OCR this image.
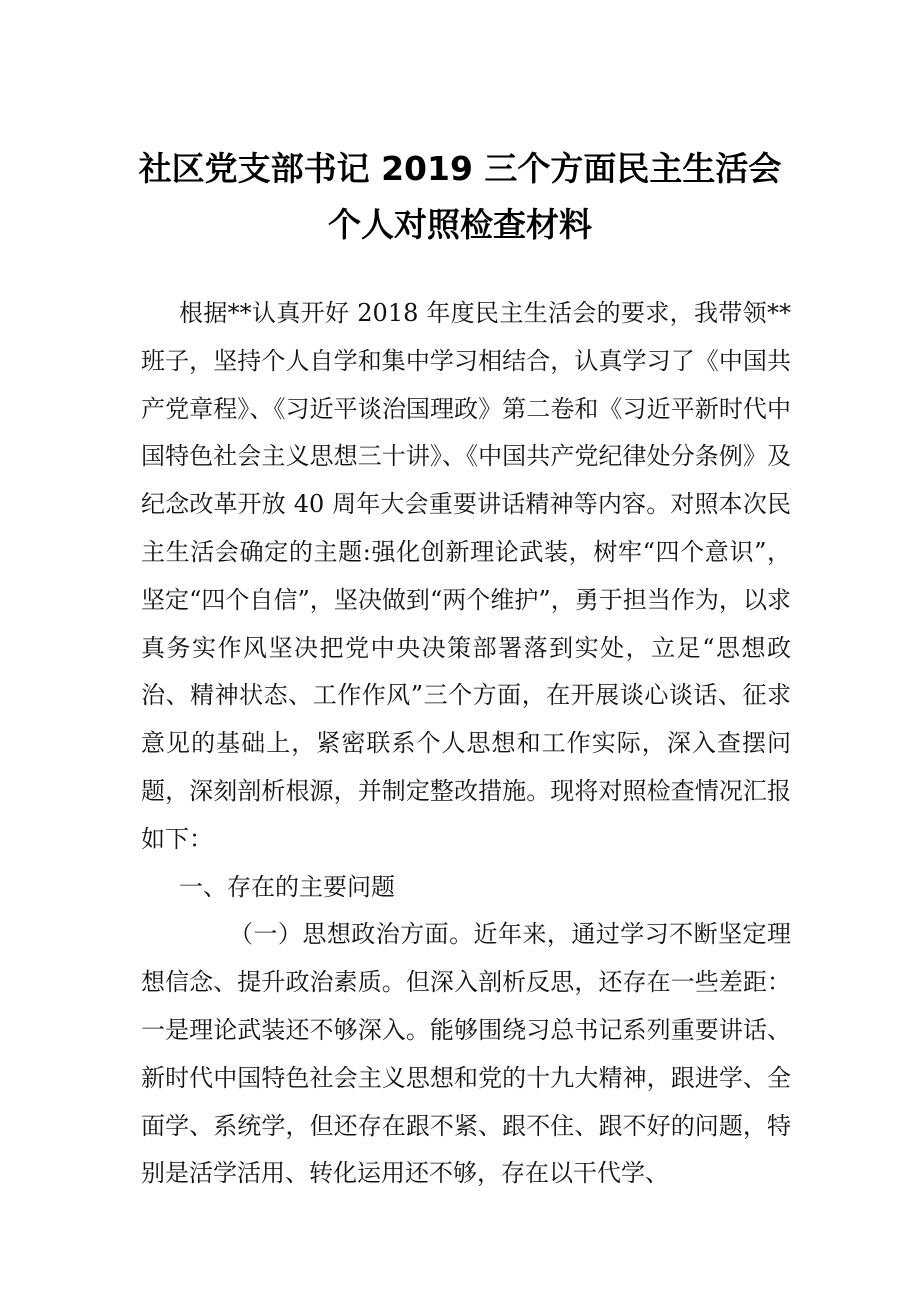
社区党支部书记 2019 三个方面民主生活会
个人对照检查材料

根据**认真开好 2018 年度民主生活会的要求，我带领**班子，坚持个人自学和集中学习相结合，认真学习了《中国共产党章程》、《习近平谈治国理政》第二卷和《习近平新时代中国特色社会主义思想三十讲》、《中国共产党纪律处分条例》及纪念改革开放 40 周年大会重要讲话精神等内容。对照本次民主生活会确定的主题:强化创新理论武装，树牢“四个意识”，坚定“四个自信”，坚决做到“两个维护”，勇于担当作为，以求真务实作风坚决把党中央决策部署落到实处，立足“思想政治、精神状态、工作作风”三个方面，在开展谈心谈话、征求意见的基础上，紧密联系个人思想和工作实际，深入查摆问题，深刻剖析根源，并制定整改措施。现将对照检查情况汇报如下：

一、存在的主要问题

（一）思想政治方面。近年来，通过学习不断坚定理想信念、提升政治素质。但深入剖析反思，还存在一些差距：一是理论武装还不够深入。能够围绕习总书记系列重要讲话、新时代中国特色社会主义思想和党的十九大精神，跟进学、全面学、系统学，但还存在跟不紧、跟不住、跟不好的问题，特别是活学活用、转化运用还不够，存在以干代学、
